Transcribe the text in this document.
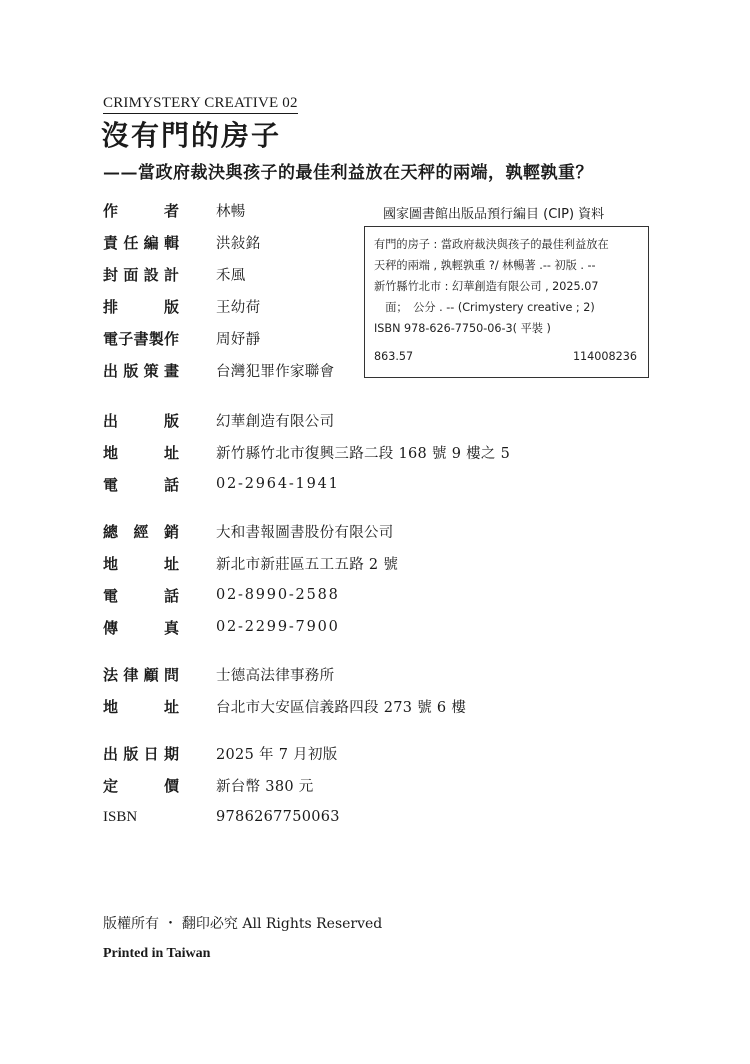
CRIMYSTERY CREATIVE 02
沒有門的房子
——當政府裁決與孩子的最佳利益放在天秤的兩端，孰輕孰重？
作　　者	林暢
責任編輯	洪敍銘
封面設計	禾風
排　　版	王幼荷
電子書製作	周妤靜
出版策畫	台灣犯罪作家聯會
國家圖書館出版品預行編目 (CIP) 資料
有門的房子 : 當政府裁決與孩子的最佳利益放在
天秤的兩端 , 孰輕孰重 ?/ 林暢著 .-- 初版 . --
新竹縣竹北市 : 幻華創造有限公司 , 2025.07
　面；　公分 . -- (Crimystery creative ; 2)
ISBN 978-626-7750-06-3( 平裝 )
863.57	114008236
出　　版	幻華創造有限公司
地　　址	新竹縣竹北市復興三路二段 168 號 9 樓之 5
電　　話	02-2964-1941
總經銷	大和書報圖書股份有限公司
地　　址	新北市新莊區五工五路 2 號
電　　話	02-8990-2588
傳　　真	02-2299-7900
法律顧問	士德高法律事務所
地　　址	台北市大安區信義路四段 273 號 6 樓
出版日期	2025 年 7 月初版
定　　價	新台幣 380 元
ISBN	9786267750063
版權所有 ・ 翻印必究 All Rights Reserved
Printed in Taiwan
